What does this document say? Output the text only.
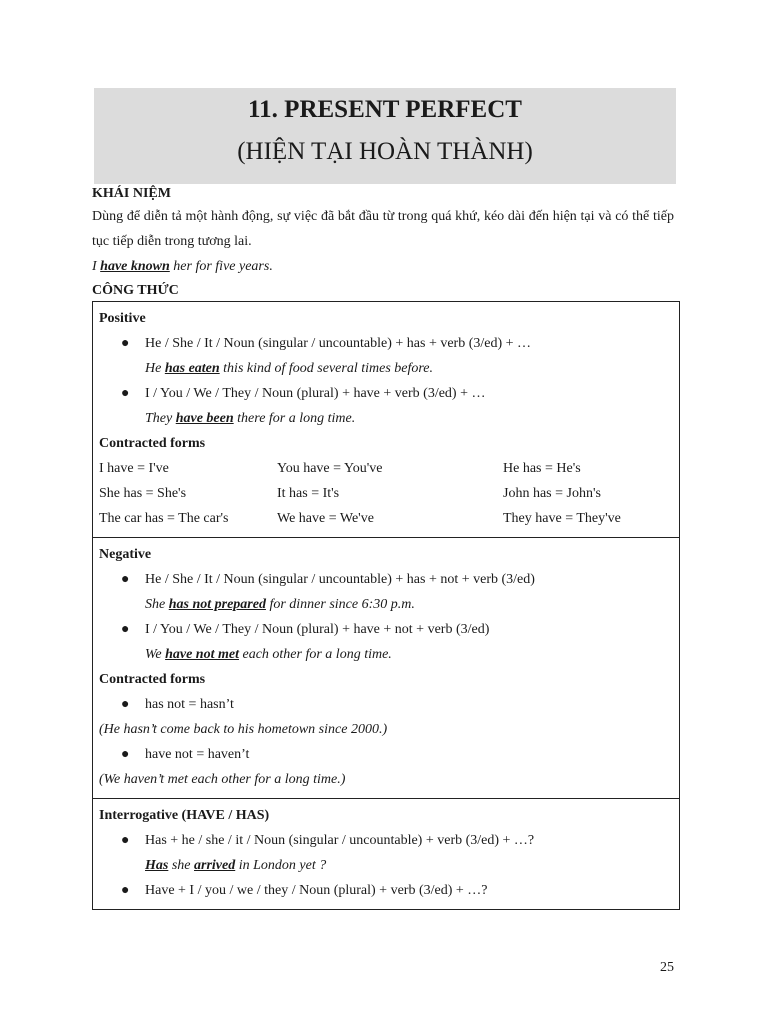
11. PRESENT PERFECT
(HIỆN TẠI HOÀN THÀNH)
KHÁI NIỆM
Dùng để diễn tả một hành động, sự việc đã bắt đầu từ trong quá khứ, kéo dài đến hiện tại và có thể tiếp tục tiếp diễn trong tương lai.
I have known her for five years.
CÔNG THỨC
Positive
● He / She / It / Noun (singular / uncountable) + has + verb (3/ed) + …
He has eaten this kind of food several times before.
● I / You / We / They / Noun (plural) + have + verb (3/ed) + …
They have been there for a long time.
Contracted forms
I have = I've	You have = You've	He has = He's
She has = She's	It has = It's	John has = John's
The car has = The car's	We have = We've	They have = They've

Negative
● He / She / It / Noun (singular / uncountable) + has + not + verb (3/ed)
She has not prepared for dinner since 6:30 p.m.
● I / You / We / They / Noun (plural) + have + not + verb (3/ed)
We have not met each other for a long time.
Contracted forms
● has not = hasn’t
(He hasn’t come back to his hometown since 2000.)
● have not = haven’t
(We haven’t met each other for a long time.)

Interrogative (HAVE / HAS)
● Has + he / she / it / Noun (singular / uncountable) + verb (3/ed) + …?
Has she arrived in London yet ?
● Have + I / you / we / they / Noun (plural) + verb (3/ed) + …?
25
